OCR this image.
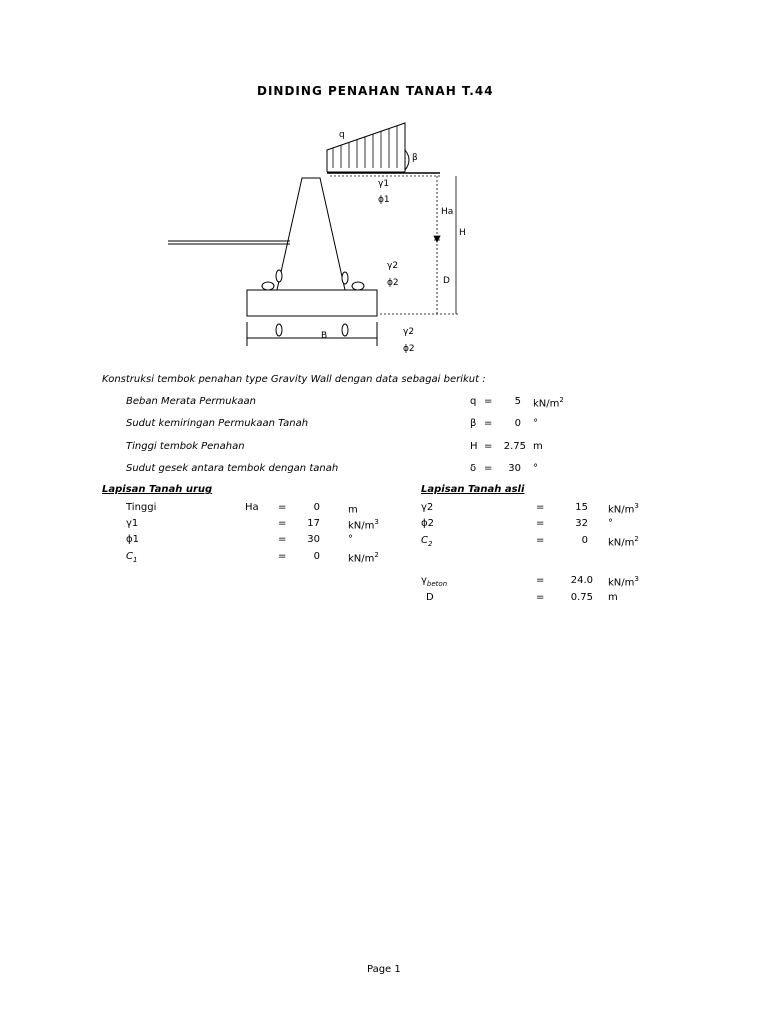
DINDING PENAHAN TANAH T.44
q
β
γ1
ϕ1
Ha
H
D
γ2
ϕ2
B	γ2
ϕ2
Konstruksi tembok penahan type Gravity Wall dengan data sebagai berikut :
Beban Merata Permukaan	q =	5 $kN/m^2$
Sudut kemiringan Permukaan Tanah	β =	0 °
Tinggi tembok Penahan	H =	2.75 m
Sudut gesek antara tembok dengan tanah	δ =	30 °
Lapisan Tanah urug
Tinggi	Ha =	0	m
γ1	=	17	$kN/m^3$
ϕ1	=	30	°
$C_1$	=	0	$kN/m^2$
Lapisan Tanah asli
γ2	=	15 $kN/m^3$
ϕ2	=	32 °
$C_2$	=	0 $kN/m^2$
$\gamma_{beton}$	=	24.0 $kN/m^3$
D	=	0.75 m
Page 1
